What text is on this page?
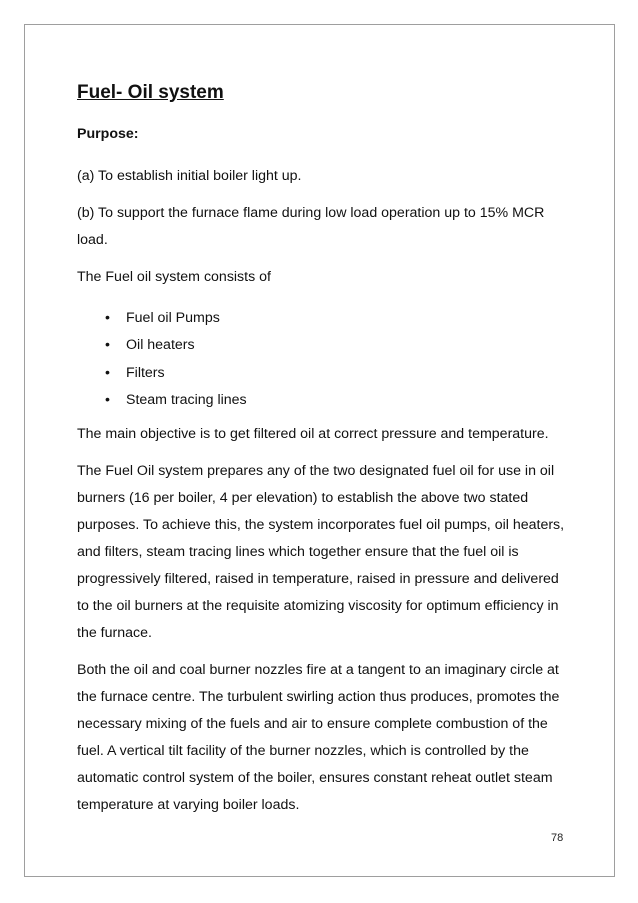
Fuel- Oil system
Purpose:

(a) To establish initial boiler light up.

(b) To support the furnace flame during low load operation up to 15% MCR load.

The Fuel oil system consists of

• Fuel oil Pumps
• Oil heaters
• Filters
• Steam tracing lines

The main objective is to get filtered oil at correct pressure and temperature.

The Fuel Oil system prepares any of the two designated fuel oil for use in oil burners (16 per boiler, 4 per elevation) to establish the above two stated purposes. To achieve this, the system incorporates fuel oil pumps, oil heaters, and filters, steam tracing lines which together ensure that the fuel oil is progressively filtered, raised in temperature, raised in pressure and delivered to the oil burners at the requisite atomizing viscosity for optimum efficiency in the furnace.

Both the oil and coal burner nozzles fire at a tangent to an imaginary circle at the furnace centre. The turbulent swirling action thus produces, promotes the necessary mixing of the fuels and air to ensure complete combustion of the fuel. A vertical tilt facility of the burner nozzles, which is controlled by the automatic control system of the boiler, ensures constant reheat outlet steam temperature at varying boiler loads.

78
